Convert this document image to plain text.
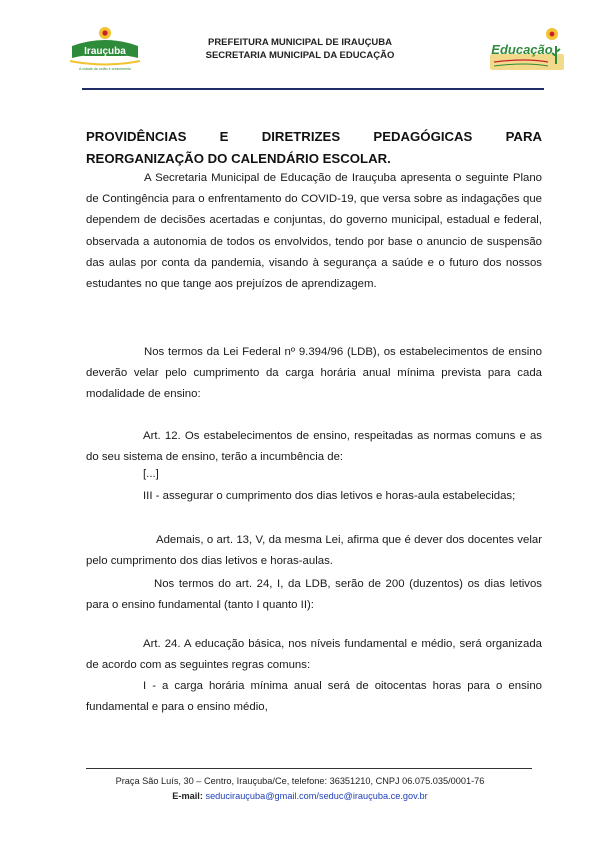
Irauçuba
A cidade da união e crescimento
PREFEITURA MUNICIPAL DE IRAUÇUBA
SECRETARIA MUNICIPAL DA EDUCAÇÃO	Educação
PROVIDÊNCIAS E DIRETRIZES PEDAGÓGICAS PARA
REORGANIZAÇÃO DO CALENDÁRIO ESCOLAR.

A Secretaria Municipal de Educação de Irauçuba apresenta o seguinte Plano de Contingência para o enfrentamento do COVID-19, que versa sobre as indagações que dependem de decisões acertadas e conjuntas, do governo municipal, estadual e federal, observada a autonomia de todos os envolvidos, tendo por base o anuncio de suspensão das aulas por conta da pandemia, visando à segurança a saúde e o futuro dos nossos estudantes no que tange aos prejuízos de aprendizagem.

Nos termos da Lei Federal nº 9.394/96 (LDB), os estabelecimentos de ensino deverão velar pelo cumprimento da carga horária anual mínima prevista para cada modalidade de ensino:

Art. 12. Os estabelecimentos de ensino, respeitadas as normas comuns e as do seu sistema de ensino, terão a incumbência de:

[...]
III - assegurar o cumprimento dos dias letivos e horas-aula estabelecidas;

Ademais, o art. 13, V, da mesma Lei, afirma que é dever dos docentes velar pelo cumprimento dos dias letivos e horas-aulas.

Nos termos do art. 24, I, da LDB, serão de 200 (duzentos) os dias letivos para o ensino fundamental (tanto I quanto II):

Art. 24. A educação básica, nos níveis fundamental e médio, será organizada de acordo com as seguintes regras comuns:

I - a carga horária mínima anual será de oitocentas horas para o ensino fundamental e para o ensino médio,

Praça São Luís, 30 – Centro, Irauçuba/Ce, telefone: 36351210, CNPJ 06.075.035/0001-76
E-mail: seducirauçuba@gmail.com/seduc@irauçuba.ce.gov.br
